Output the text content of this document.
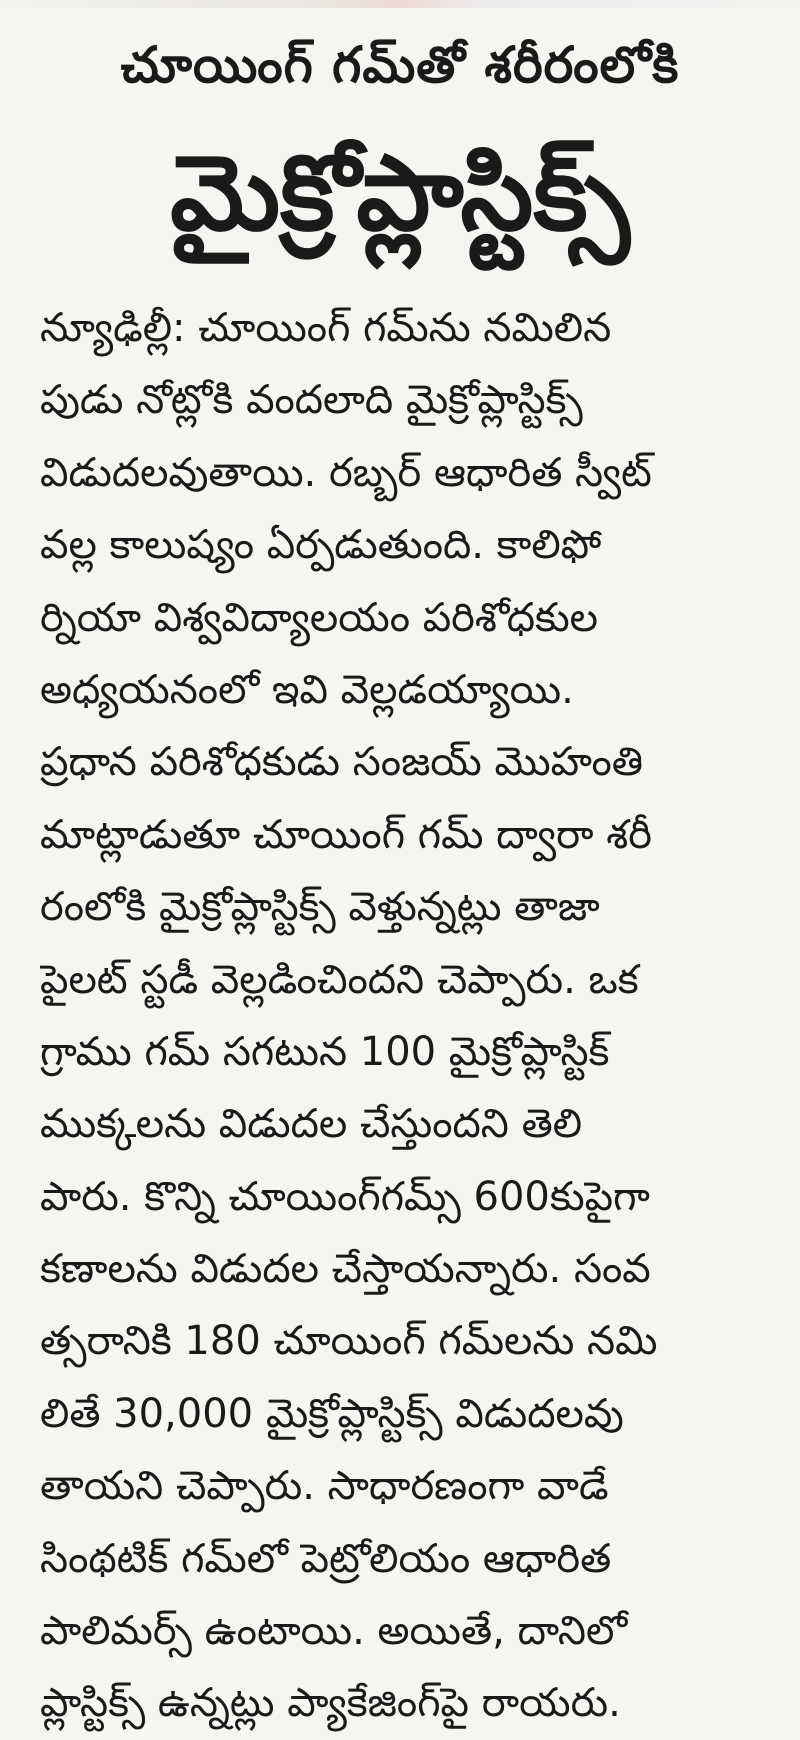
చూయింగ్ గమ్‌తో శరీరంలోకి
మైక్రోప్లాస్టిక్స్
న్యూఢిల్లీ: చూయింగ్ గమ్‌ను నమిలిన
పుడు నోట్లోకి వందలాది మైక్రోప్లాస్టిక్స్
విడుదలవుతాయి. రబ్బర్ ఆధారిత స్వీట్
వల్ల కాలుష్యం ఏర్పడుతుంది. కాలిఫో
ర్నియా విశ్వవిద్యాలయం పరిశోధకుల
అధ్యయనంలో ఇవి వెల్లడయ్యాయి.
ప్రధాన పరిశోధకుడు సంజయ్ మొహంతి
మాట్లాడుతూ చూయింగ్ గమ్ ద్వారా శరీ
రంలోకి మైక్రోప్లాస్టిక్స్ వెళ్తున్నట్లు తాజా
పైలట్ స్టడీ వెల్లడించిందని చెప్పారు. ఒక
గ్రాము గమ్ సగటున 100 మైక్రోప్లాస్టిక్
ముక్కలను విడుదల చేస్తుందని తెలి
పారు. కొన్ని చూయింగ్‌గమ్స్ 600కుపైగా
కణాలను విడుదల చేస్తాయన్నారు. సంవ
త్సరానికి 180 చూయింగ్ గమ్‌లను నమి
లితే 30,000 మైక్రోప్లాస్టిక్స్ విడుదలవు
తాయని చెప్పారు. సాధారణంగా వాడే
సింథటిక్ గమ్‌లో పెట్రోలియం ఆధారిత
పాలిమర్స్ ఉంటాయి. అయితే, దానిలో
ప్లాస్టిక్స్ ఉన్నట్లు ప్యాకేజింగ్‌పై రాయరు.
